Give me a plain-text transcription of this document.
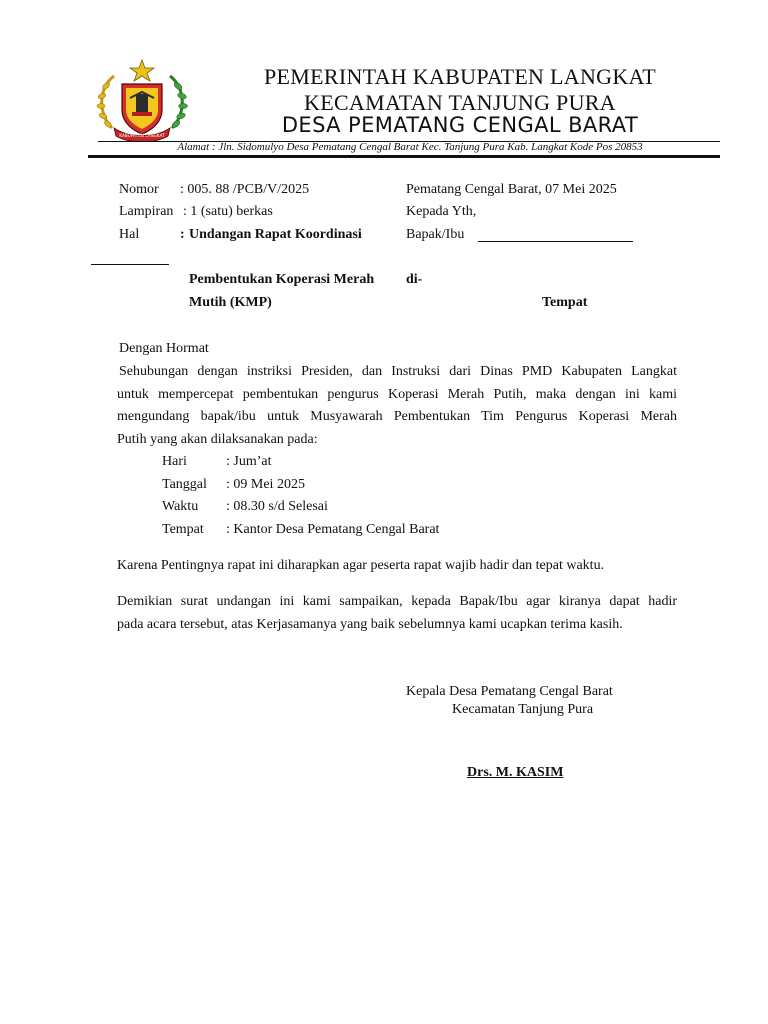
KABUPATEN LANGKAT
PEMERINTAH KABUPATEN LANGKAT
KECAMATAN TANJUNG PURA
DESA PEMATANG CENGAL BARAT
Alamat : Jln. Sidomulyo Desa Pematang Cengal Barat Kec. Tanjung Pura Kab. Langkat Kode Pos 20853
Nomor : 005. 88 /PCB/V/2025
Lampiran : 1 (satu) berkas
Hal	: Undangan Rapat Koordinasi
Pembentukan Koperasi Merah
Mutih (KMP)
Pematang Cengal Barat, 07 Mei 2025
Kepada Yth,
Bapak/Ibu
di-
Tempat
Dengan Hormat

Sehubungan dengan instriksi Presiden, dan Instruksi dari Dinas PMD Kabupaten Langkat

untuk mempercepat pembentukan pengurus Koperasi Merah Putih, maka dengan ini kami

mengundang bapak/ibu untuk Musyawarah Pembentukan Tim Pengurus Koperasi Merah

Putih yang akan dilaksanakan pada:

Hari	: Jum’at
Tanggal : 09 Mei 2025
Waktu : 08.30 s/d Selesai
Tempat : Kantor Desa Pematang Cengal Barat
Karena Pentingnya rapat ini diharapkan agar peserta rapat wajib hadir dan tepat waktu.

Demikian surat undangan ini kami sampaikan, kepada Bapak/Ibu agar kiranya dapat hadir

pada acara tersebut, atas Kerjasamanya yang baik sebelumnya kami ucapkan terima kasih.

Kepala Desa Pematang Cengal Barat
Kecamatan Tanjung Pura
Drs. M. KASIM
